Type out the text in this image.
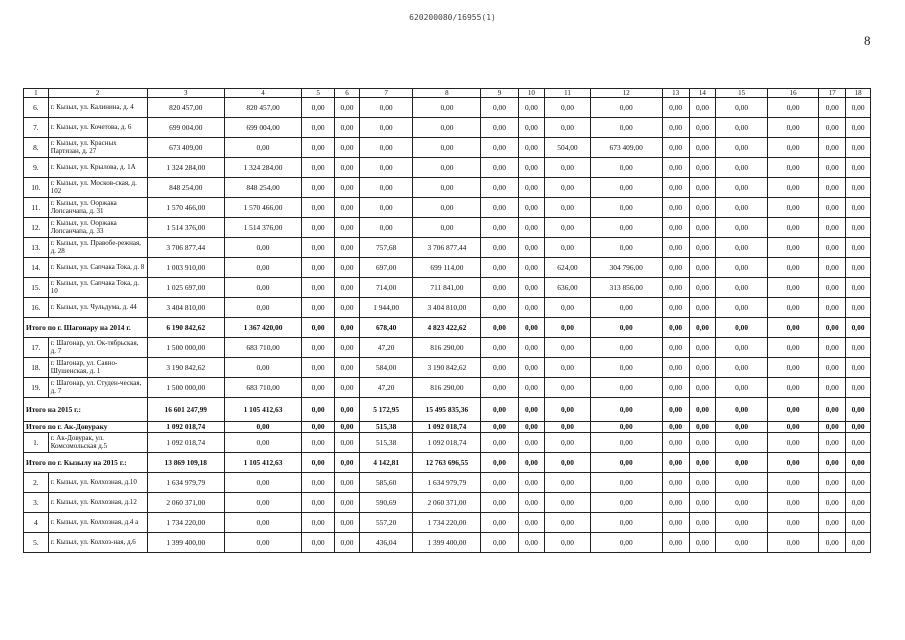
620200080/16955(1)
8
1	2	3	4	5	6	7	8	9	10	11	12	13	14	15	16	17	18
6.	г. Кызыл, ул. Калинина, д. 4	820 457,00	820 457,00	0,00	0,00	0,00	0,00	0,00	0,00	0,00	0,00	0,00	0,00	0,00	0,00	0,00	0,00
7.	г. Кызыл, ул. Кочетова, д. 6	699 004,00	699 004,00	0,00	0,00	0,00	0,00	0,00	0,00	0,00	0,00	0,00	0,00	0,00	0,00	0,00	0,00
8.	г. Кызыл, ул. Красных Партизан, д. 27	673 409,00	0,00	0,00	0,00	0,00	0,00	0,00	0,00	504,00	673 409,00	0,00	0,00	0,00	0,00	0,00	0,00
9.	г. Кызыл, ул. Крылова, д. 1А	1 324 284,00	1 324 284,00	0,00	0,00	0,00	0,00	0,00	0,00	0,00	0,00	0,00	0,00	0,00	0,00	0,00	0,00
10.	г. Кызыл, ул. Москов-ская, д. 102	848 254,00	848 254,00	0,00	0,00	0,00	0,00	0,00	0,00	0,00	0,00	0,00	0,00	0,00	0,00	0,00	0,00
11.	г. Кызыл, ул. Ооржака Лопсанчапа, д. 31	1 570 466,00	1 570 466,00	0,00	0,00	0,00	0,00	0,00	0,00	0,00	0,00	0,00	0,00	0,00	0,00	0,00	0,00
12.	г. Кызыл, ул. Ооржака Лопсанчапа, д. 33	1 514 376,00	1 514 376,00	0,00	0,00	0,00	0,00	0,00	0,00	0,00	0,00	0,00	0,00	0,00	0,00	0,00	0,00
13.	г. Кызыл, ул. Правобе-режная, д. 28	3 706 877,44	0,00	0,00	0,00	757,68	3 706 877,44	0,00	0,00	0,00	0,00	0,00	0,00	0,00	0,00	0,00	0,00
14.	г. Кызыл, ул. Сапчака Тока, д. 8	1 003 910,00	0,00	0,00	0,00	697,00	699 114,00	0,00	0,00	624,00	304 796,00	0,00	0,00	0,00	0,00	0,00	0,00
15.	г. Кызыл, ул. Сапчака Тока, д. 10	1 025 697,00	0,00	0,00	0,00	714,00	711 841,00	0,00	0,00	636,00	313 856,00	0,00	0,00	0,00	0,00	0,00	0,00
16.	г. Кызыл, ул. Чульдума, д. 44	3 404 810,00	0,00	0,00	0,00	1 944,00	3 404 810,00	0,00	0,00	0,00	0,00	0,00	0,00	0,00	0,00	0,00	0,00
Итого по г. Шагонару на 2014 г.		6 190 842,62	1 367 420,00	0,00	0,00	678,40	4 823 422,62	0,00	0,00	0,00	0,00	0,00	0,00	0,00	0,00	0,00	0,00
17.	г. Шагонар, ул. Ок-тябрьская, д. 7	1 500 000,00	683 710,00	0,00	0,00	47,20	816 290,00	0,00	0,00	0,00	0,00	0,00	0,00	0,00	0,00	0,00	0,00
18.	г. Шагонар, ул. Саяно-Шушенская, д. 1	3 190 842,62	0,00	0,00	0,00	584,00	3 190 842,62	0,00	0,00	0,00	0,00	0,00	0,00	0,00	0,00	0,00	0,00
19.	г. Шагонар, ул. Студен-ческая, д. 7	1 500 000,00	683 710,00	0,00	0,00	47,20	816 290,00	0,00	0,00	0,00	0,00	0,00	0,00	0,00	0,00	0,00	0,00
Итого на 2015 г.:		16 601 247,99	1 105 412,63	0,00	0,00	5 172,95	15 495 835,36	0,00	0,00	0,00	0,00	0,00	0,00	0,00	0,00	0,00	0,00
Итого по г. Ак-Довураку		1 092 018,74	0,00	0,00	0,00	515,38	1 092 018,74	0,00	0,00	0,00	0,00	0,00	0,00	0,00	0,00	0,00	0,00
1.	г. Ак-Довурак, ул. Комсомольская д.5	1 092 018,74	0,00	0,00	0,00	515,38	1 092 018,74	0,00	0,00	0,00	0,00	0,00	0,00	0,00	0,00	0,00	0,00
Итого по г. Кызылу на 2015 г.:		13 869 109,18	1 105 412,63	0,00	0,00	4 142,81	12 763 696,55	0,00	0,00	0,00	0,00	0,00	0,00	0,00	0,00	0,00	0,00
2.	г. Кызыл, ул. Колхозная, д.10	1 634 979,79	0,00	0,00	0,00	585,60	1 634 979,79	0,00	0,00	0,00	0,00	0,00	0,00	0,00	0,00	0,00	0,00
3.	г. Кызыл, ул. Колхозная, д.12	2 060 371,00	0,00	0,00	0,00	590,69	2 060 371,00	0,00	0,00	0,00	0,00	0,00	0,00	0,00	0,00	0,00	0,00
4	г. Кызыл, ул. Колхозная, д.4 а	1 734 220,00	0,00	0,00	0,00	557,20	1 734 220,00	0,00	0,00	0,00	0,00	0,00	0,00	0,00	0,00	0,00	0,00
5.	г. Кызыл, ул. Колхоз-ная, д.6	1 399 400,00	0,00	0,00	0,00	436,04	1 399 400,00	0,00	0,00	0,00	0,00	0,00	0,00	0,00	0,00	0,00	0,00
